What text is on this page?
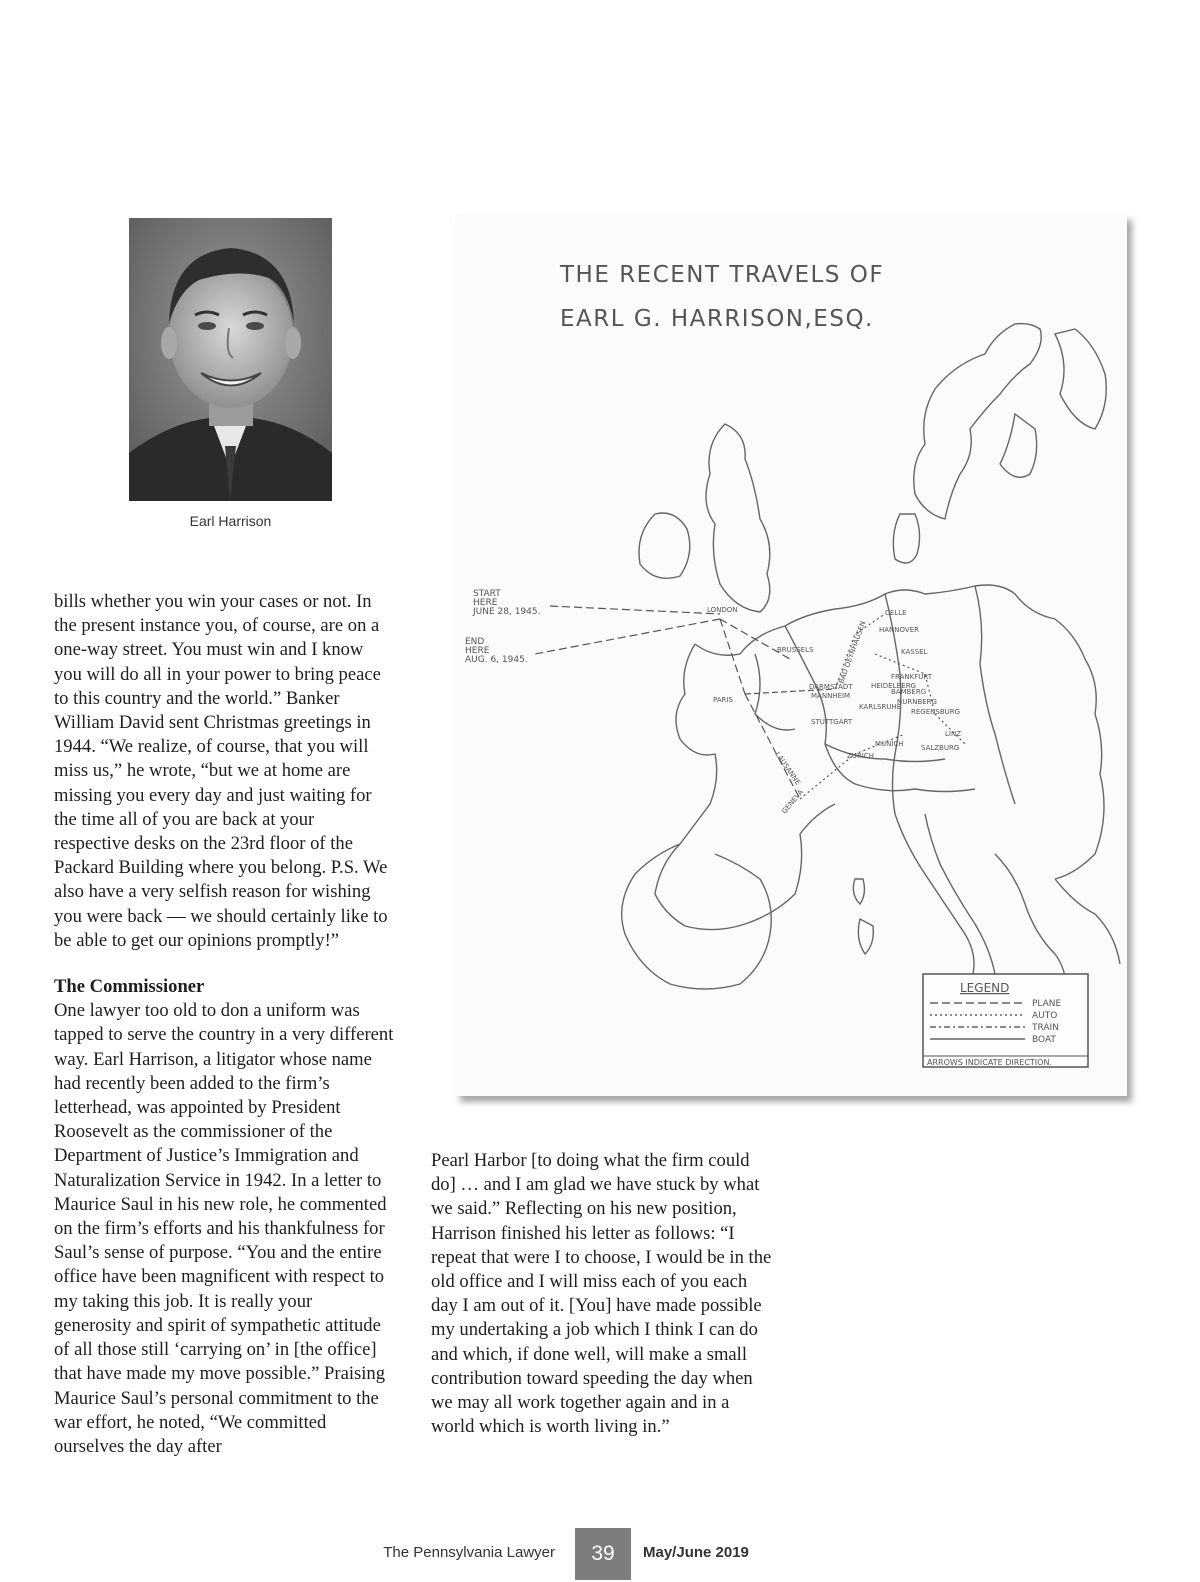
Earl Harrison

bills whether you win your cases or not. In the present instance you, of course, are on a one-way street. You must win and I know you will do all in your power to bring peace to this country and the world.” Banker William David sent Christmas greetings in 1944. “We realize, of course, that you will miss us,” he wrote, “but we at home are missing you every day and just waiting for the time all of you are back at your respective desks on the 23rd floor of the Packard Building where you belong. P.S. We also have a very selfish reason for wishing you were back — we should certainly like to be able to get our opinions promptly!”

The Commissioner

One lawyer too old to don a uniform was tapped to serve the country in a very different way. Earl Harrison, a litigator whose name had recently been added to the firm’s letterhead, was appointed by President Roosevelt as the commissioner of the Department of Justice’s Immigration and Naturalization Service in 1942. In a letter to Maurice Saul in his new role, he commented on the firm’s efforts and his thankfulness for Saul’s sense of purpose. “You and the entire office have been magnificent with respect to my taking this job. It is really your generosity and spirit of sympathetic attitude of all those still ‘carrying on’ in [the office] that have made my move possible.” Praising Maurice Saul’s personal commitment to the war effort, he noted, “We committed ourselves the day after

Pearl Harbor [to doing what the firm could do] … and I am glad we have stuck by what we said.” Reflecting on his new position, Harrison finished his letter as follows: “I repeat that were I to choose, I would be in the old office and I will miss each of you each day I am out of it. [You] have made possible my undertaking a job which I think I can do and which, if done well, will make a small contribution toward speeding the day when we may all work together again and in a world which is worth living in.”

THE RECENT TRAVELS OF
EARL G. HARRISON,ESQ.
START
HERE
JUNE 28, 1945.
END
HERE
AUG. 6, 1945.
LONDON
BRUSSELS
PARIS
CELLE
HANNOVER
KASSEL
FRANKFURT
HEIDELBERG
DARMSTADT
MANNHEIM	BAMBERG
NURNBERG
KARLSRUHE
REGENSBURG
STUTTGART
LINZ
MUNICH SALZBURG
ZURICH
LAUSANNE
GENEVA
BAD OEYNHAUSEN
LEGEND
PLANE
AUTO
TRAIN
BOAT
ARROWS INDICATE DIRECTION.
The Pennsylvania Lawyer	39	May/June 2019
